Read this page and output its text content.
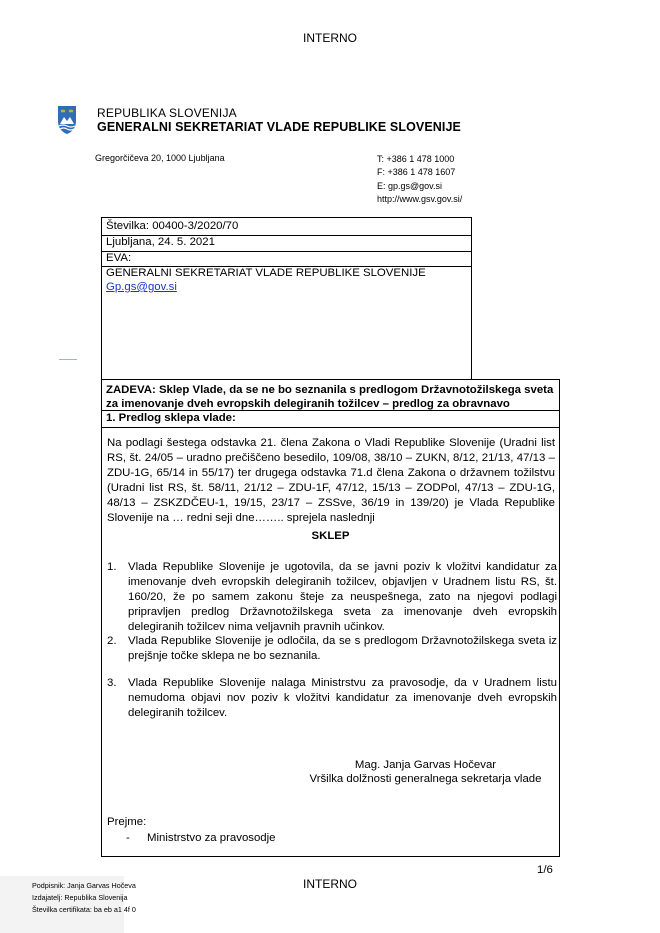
INTERNO
REPUBLIKA SLOVENIJA
GENERALNI SEKRETARIAT VLADE REPUBLIKE SLOVENIJE
Gregorčičeva 20, 1000 Ljubljana	T: +386 1 478 1000
F: +386 1 478 1607
E: gp.gs@gov.si
http://www.gsv.gov.si/
Številka: 00400-3/2020/70
Ljubljana, 24. 5. 2021
EVA:
GENERALNI SEKRETARIAT VLADE REPUBLIKE SLOVENIJE
Gp.gs@gov.si
ZADEVA: Sklep Vlade, da se ne bo seznanila s predlogom Državnotožilskega sveta za imenovanje dveh evropskih delegiranih tožilcev – predlog za obravnavo
1. Predlog sklepa vlade:
Na podlagi šestega odstavka 21. člena Zakona o Vladi Republike Slovenije (Uradni list RS, št. 24/05 – uradno prečiščeno besedilo, 109/08, 38/10 – ZUKN, 8/12, 21/13, 47/13 – ZDU-1G, 65/14 in 55/17) ter drugega odstavka 71.d člena Zakona o državnem tožilstvu (Uradni list RS, št. 58/11, 21/12 – ZDU-1F, 47/12, 15/13 – ZODPol, 47/13 – ZDU-1G, 48/13 – ZSKZDČEU-1, 19/15, 23/17 – ZSSve, 36/19 in 139/20) je Vlada Republike Slovenije na … redni seji dne…….. sprejela naslednji
SKLEP
1. Vlada Republike Slovenije je ugotovila, da se javni poziv k vložitvi kandidatur za imenovanje dveh evropskih delegiranih tožilcev, objavljen v Uradnem listu RS, št. 160/20, že po samem zakonu šteje za neuspešnega, zato na njegovi podlagi pripravljen predlog Državnotožilskega sveta za imenovanje dveh evropskih delegiranih tožilcev nima veljavnih pravnih učinkov.
2. Vlada Republike Slovenije je odločila, da se s predlogom Državnotožilskega sveta iz prejšnje točke sklepa ne bo seznanila.
3. Vlada Republike Slovenije nalaga Ministrstvu za pravosodje, da v Uradnem listu nemudoma objavi nov poziv k vložitvi kandidatur za imenovanje dveh evropskih delegiranih tožilcev.
Mag. Janja Garvas Hočevar
Vršilka dolžnosti generalnega sekretarja vlade
Prejme:
- Ministrstvo za pravosodje
1/6
INTERNO
Podpisnik: Janja Garvas Hočeva
Izdajatelj: Republika Slovenija
Številka certifikata: ba eb a1 4f 0
